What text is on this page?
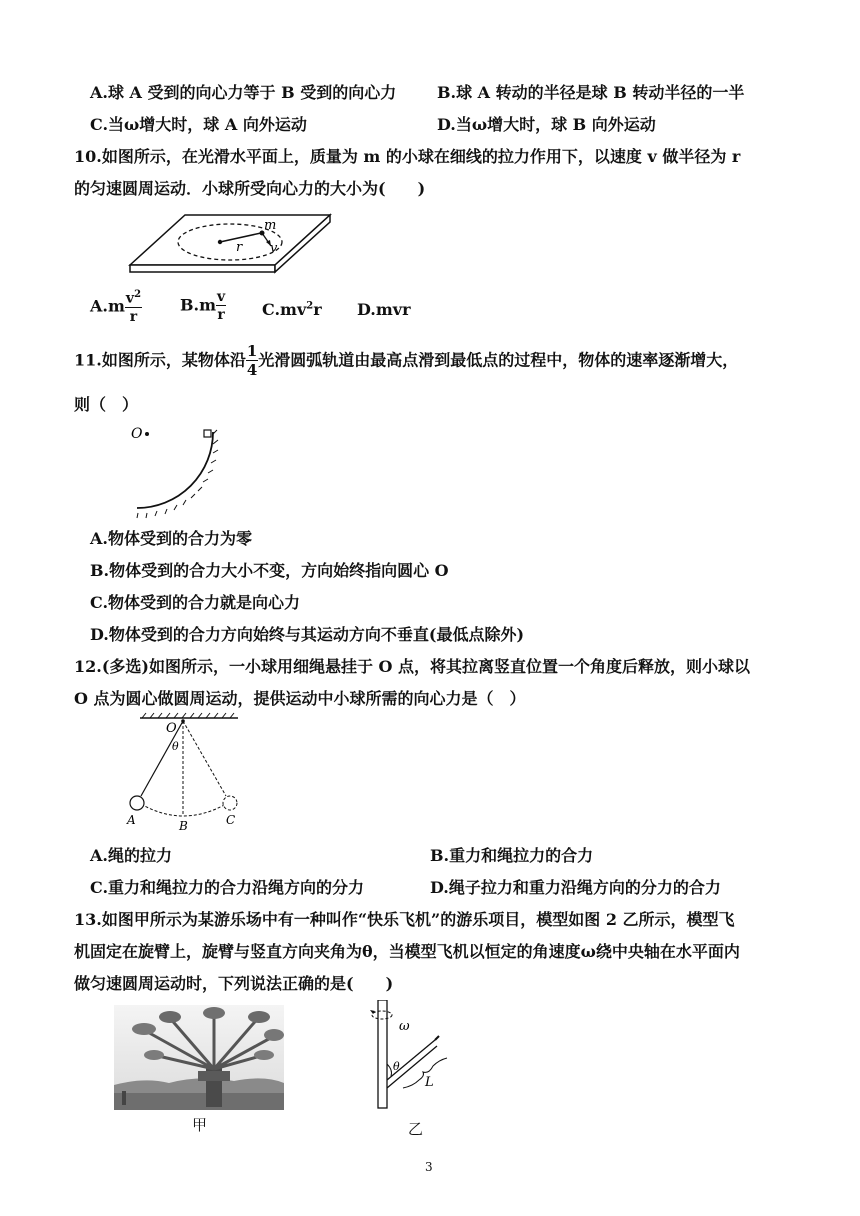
A.球 A 受到的向心力等于 B 受到的向心力	B.球 A 转动的半径是球 B 转动半径的一半
C.当ω增大时，球 A 向外运动	D.当ω增大时，球 B 向外运动
10.如图所示，在光滑水平面上，质量为 m 的小球在细线的拉力作用下，以速度 v 做半径为 r
的匀速圆周运动．小球所受向心力的大小为(　　)
m
r v
$A.m \frac{v^2}{r} B.m \frac{v}{r} C.mv^2r$ D.mvr
11.如图所示，某物体沿 $\frac{1}{4}$ 光滑圆弧轨道由最高点滑到最低点的过程中，物体的速率逐渐增大，
则（　）
O
A.物体受到的合力为零
B.物体受到的合力大小不变，方向始终指向圆心 O
C.物体受到的合力就是向心力
D.物体受到的合力方向始终与其运动方向不垂直(最低点除外)
12.(多选)如图所示，一小球用细绳悬挂于 O 点，将其拉离竖直位置一个角度后释放，则小球以
O 点为圆心做圆周运动，提供运动中小球所需的向心力是（　）
O
θ
A	B	C
A.绳的拉力	B.重力和绳拉力的合力
C.重力和绳拉力的合力沿绳方向的分力	D.绳子拉力和重力沿绳方向的分力的合力
13.如图甲所示为某游乐场中有一种叫作“快乐飞机”的游乐项目，模型如图 2 乙所示，模型飞
机固定在旋臂上，旋臂与竖直方向夹角为θ，当模型飞机以恒定的角速度ω绕中央轴在水平面内
做匀速圆周运动时，下列说法正确的是(　　)
甲
ω
θ
L
乙
3
